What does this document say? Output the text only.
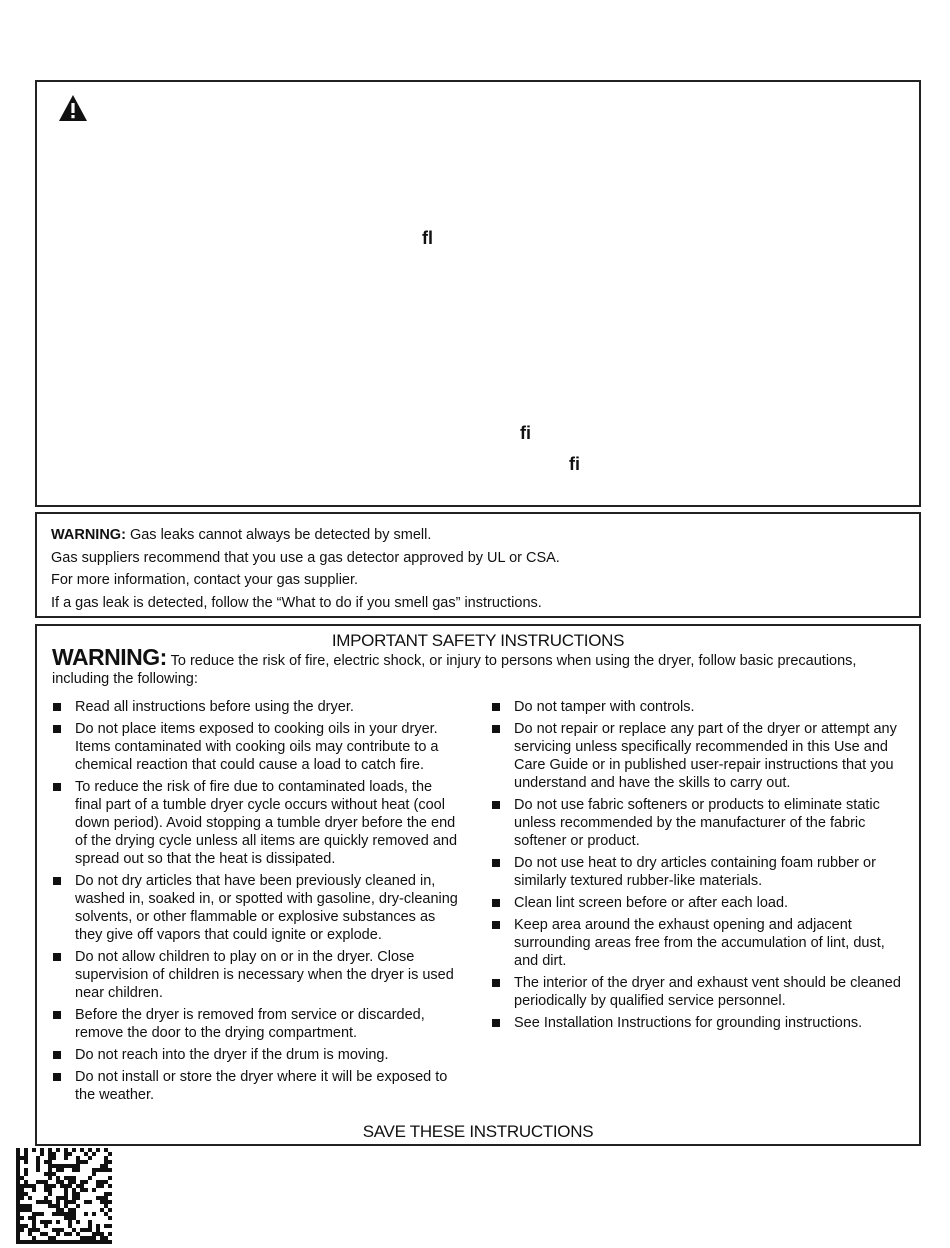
fl
fi
fi
WARNING: Gas leaks cannot always be detected by smell.
Gas suppliers recommend that you use a gas detector approved by UL or CSA.
For more information, contact your gas supplier.
If a gas leak is detected, follow the “What to do if you smell gas” instructions.
IMPORTANT SAFETY INSTRUCTIONS
WARNING: To reduce the risk of fire, electric shock, or injury to persons when using the dryer, follow basic precautions, including the following:
Read all instructions before using the dryer.
Do not place items exposed to cooking oils in your dryer. Items contaminated with cooking oils may contribute to a chemical reaction that could cause a load to catch fire.
To reduce the risk of fire due to contaminated loads, the final part of a tumble dryer cycle occurs without heat (cool down period). Avoid stopping a tumble dryer before the end of the drying cycle unless all items are quickly removed and spread out so that the heat is dissipated.
Do not dry articles that have been previously cleaned in, washed in, soaked in, or spotted with gasoline, dry-cleaning solvents, or other flammable or explosive substances as they give off vapors that could ignite or explode.
Do not allow children to play on or in the dryer. Close supervision of children is necessary when the dryer is used near children.
Before the dryer is removed from service or discarded, remove the door to the drying compartment.
Do not reach into the dryer if the drum is moving.
Do not install or store the dryer where it will be exposed to the weather.
Do not tamper with controls.
Do not repair or replace any part of the dryer or attempt any servicing unless specifically recommended in this Use and Care Guide or in published user-repair instructions that you understand and have the skills to carry out.
Do not use fabric softeners or products to eliminate static unless recommended by the manufacturer of the fabric softener or product.
Do not use heat to dry articles containing foam rubber or similarly textured rubber-like materials.
Clean lint screen before or after each load.
Keep area around the exhaust opening and adjacent surrounding areas free from the accumulation of lint, dust, and dirt.
The interior of the dryer and exhaust vent should be cleaned periodically by qualified service personnel.
See Installation Instructions for grounding instructions.
SAVE THESE INSTRUCTIONS
